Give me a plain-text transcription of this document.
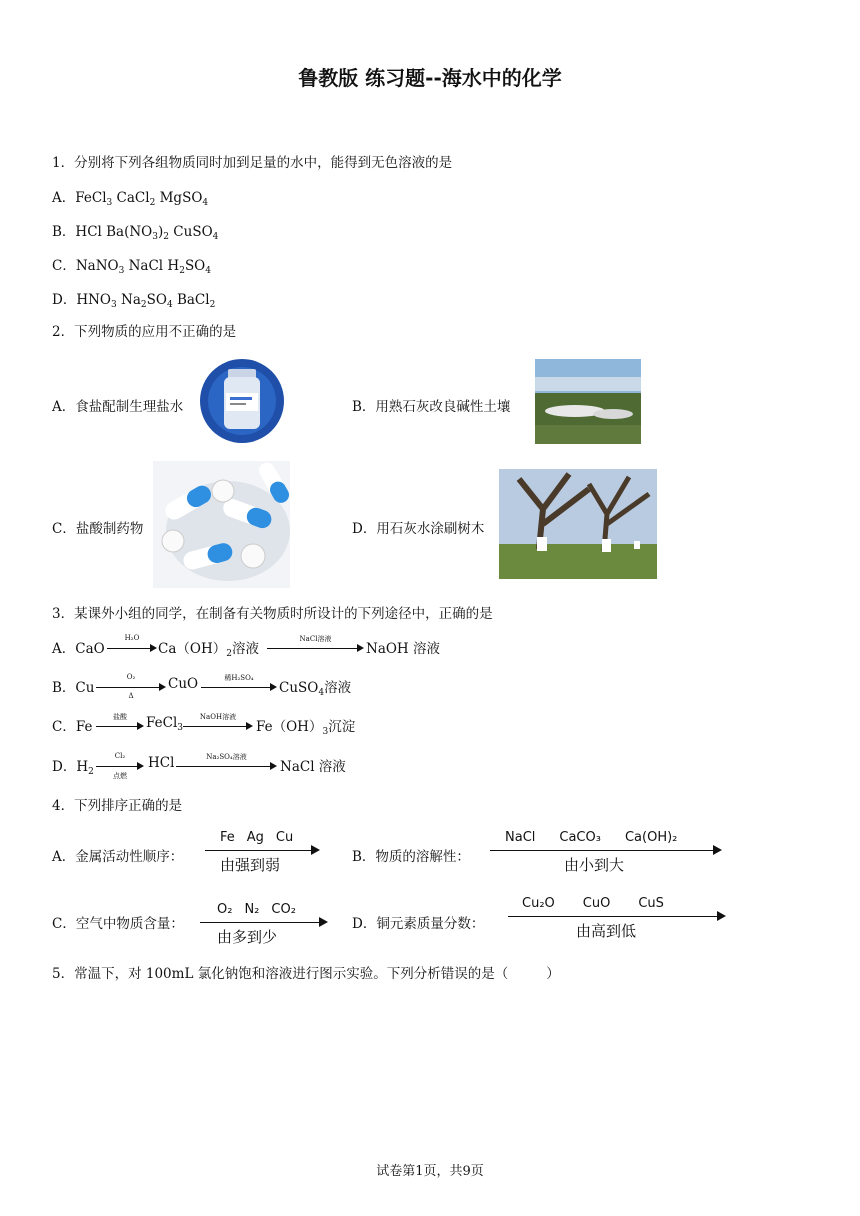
鲁教版 练习题--海水中的化学
1．分别将下列各组物质同时加到足量的水中，能得到无色溶液的是
A．FeCl$_3$ CaCl$_2$ MgSO$_4$
B．HCl $Ba(NO_3)_2$ CuSO$_4$
C．NaNO$_3$ NaCl $H_2SO_4$
D．$HNO_3$ $Na_2SO_4$ BaCl$_2$
2．下列物质的应用不正确的是
A．食盐配制生理盐水	B．用熟石灰改良碱性土壤
C．盐酸制药物	D．用石灰水涂刷树木
3．某课外小组的同学，在制备有关物质时所设计的下列途径中，正确的是
A．CaO
H₂O
$Ca(OH)_2$溶液
NaCl溶液
NaOH 溶液
B．Cu
O₂
Δ
CuO	稀H₂SO₄
CuSO$_4$溶液
C．Fe
盐酸	FeCl$_3$
NaOH溶液
$Fe(OH)_3$沉淀
D．$H_2$
Cl₂
点燃
HCl	Na₂SO₄溶液
NaCl 溶液
4．下列排序正确的是
A．金属活动性顺序：
Fe Ag Cu
由强到弱	B．物质的溶解性：
NaCl CaCO₃ Ca(OH)₂
由小到大
C．空气中物质含量：
O₂ N₂ CO₂
由多到少
D．铜元素质量分数：
Cu₂O CuO CuS
由高到低
5．常温下，对 100mL 氯化钠饱和溶液进行图示实验。下列分析错误的是（	）
试卷第1页，共9页
